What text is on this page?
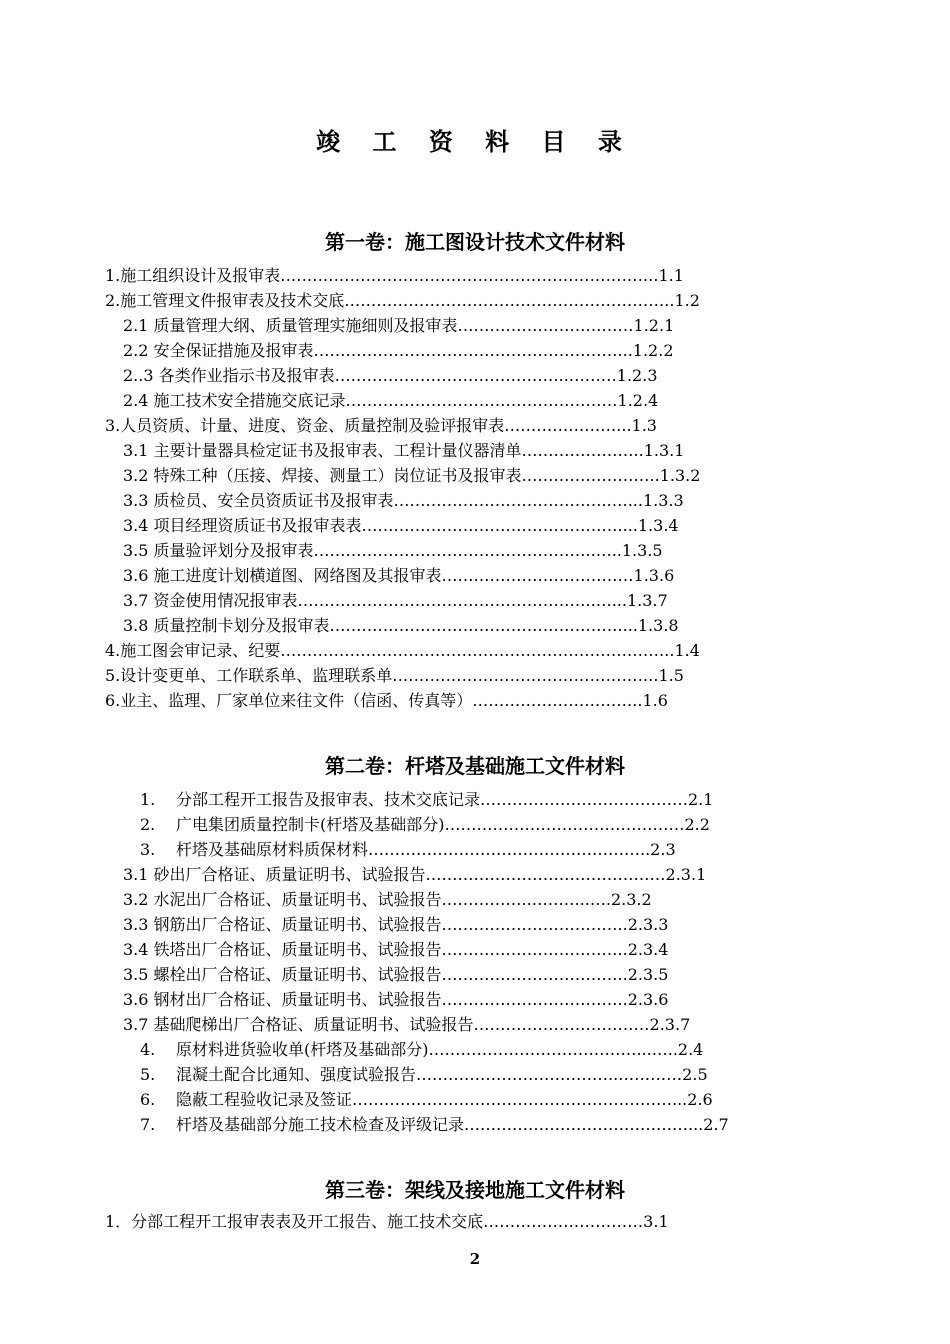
竣 工 资 料 目 录
第一卷：施工图设计技术文件材料
1.施工组织设计及报审表……………………………………………………………..1.1
2.施工管理文件报审表及技术交底……………………………………………………..1.2
2.1 质量管理大纲、质量管理实施细则及报审表……………………………1.2.1
2.2 安全保证措施及报审表…………………………………………………...1.2.2
2..3 各类作业指示书及报审表……………………………………..………1.2.3
2.4 施工技术安全措施交底记录……………………………………………1.2.4
3.人员资质、计量、进度、资金、质量控制及验评报审表…………………...1.3
3.1 主要计量器具检定证书及报审表、工程计量仪器清单…………………..1.3.1
3.2 特殊工种（压接、焊接、测量工）岗位证书及报审表……………………..1.3.2
3.3 质检员、安全员资质证书及报审表…………………………………..…...1.3.3
3.4 项目经理资质证书及报审表表…………………………………………....1.3.4
3.5 质量验评划分及报审表……………………………………………..…..1.3.5
3.6 施工进度计划横道图、网络图及其报审表………………………………1.3.6
3.7 资金使用情况报审表………………………………………………..…...1.3.7
3.8 质量控制卡划分及报审表………………………………………………....1.3.8
4.施工图会审记录、纪要………………………………………………………………..1.4
5.设计变更单、工作联系单、监理联系单…………………………………………..1.5
6.业主、监理、厂家单位来往文件（信函、传真等）…………………………..1.6
第二卷：杆塔及基础施工文件材料
1. 分部工程开工报告及报审表、技术交底记录…………………………………2.1
2. 广电集团质量控制卡(杆塔及基础部分)………………………………………2.2
3. 杆塔及基础原材料质保材料……………………………………………..2.3
3.1 砂出厂合格证、质量证明书、试验报告………………………………………2.3.1
3.2 水泥出厂合格证、质量证明书、试验报告……………..………..….2.3.2
3.3 钢筋出厂合格证、质量证明书、试验报告……………………………..2.3.3
3.4 铁塔出厂合格证、质量证明书、试验报告……………………………..2.3.4
3.5 螺栓出厂合格证、质量证明书、试验报告……………………………..2.3.5
3.6 钢材出厂合格证、质量证明书、试验报告……………………………..2.3.6
3.7 基础爬梯出厂合格证、质量证明书、试验报告……………………………2.3.7
4. 原材料进货验收单(杆塔及基础部分)…………………………………...…..2.4
5. 混凝土配合比通知、强度试验报告………………………………..…………2.5
6. 隐蔽工程验收记录及签证……………………………………………………...2.6
7. 杆塔及基础部分施工技术检查及评级记录……………………………………...2.7
第三卷：架线及接地施工文件材料
1．分部工程开工报审表表及开工报告、施工技术交底…………………………3.1
2
